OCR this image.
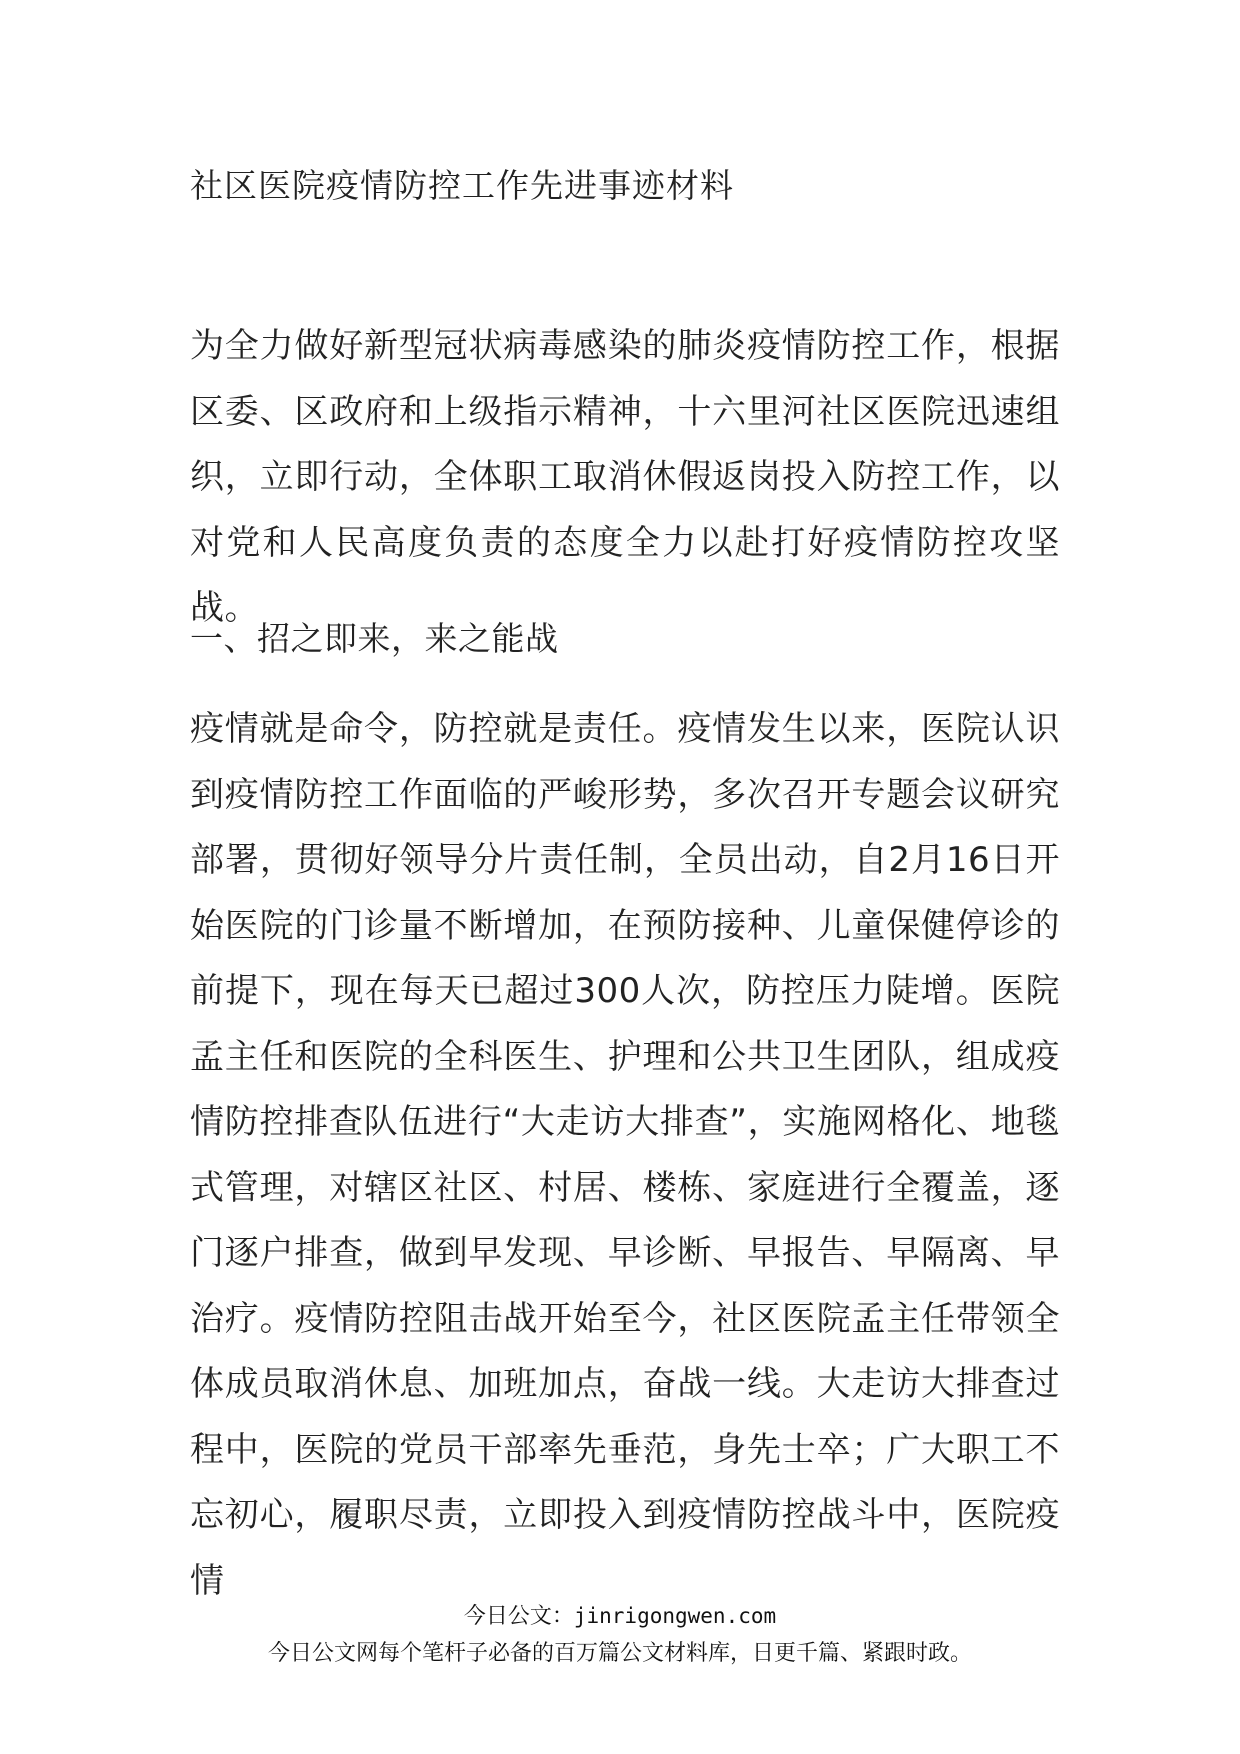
社区医院疫情防控工作先进事迹材料

为全力做好新型冠状病毒感染的肺炎疫情防控工作，根据区委、区政府和上级指示精神，十六里河社区医院迅速组织，立即行动，全体职工取消休假返岗投入防控工作，以对党和人民高度负责的态度全力以赴打好疫情防控攻坚战。

一、招之即来，来之能战

疫情就是命令，防控就是责任。疫情发生以来，医院认识到疫情防控工作面临的严峻形势，多次召开专题会议研究部署，贯彻好领导分片责任制，全员出动，自2月16日开始医院的门诊量不断增加，在预防接种、儿童保健停诊的前提下，现在每天已超过300人次，防控压力陡增。医院孟主任和医院的全科医生、护理和公共卫生团队，组成疫情防控排查队伍进行“大走访大排查”，实施网格化、地毯式管理，对辖区社区、村居、楼栋、家庭进行全覆盖，逐门逐户排查，做到早发现、早诊断、早报告、早隔离、早治疗。疫情防控阻击战开始至今，社区医院孟主任带领全体成员取消休息、加班加点，奋战一线。大走访大排查过程中，医院的党员干部率先垂范，身先士卒；广大职工不忘初心，履职尽责，立即投入到疫情防控战斗中，医院疫情

今日公文：jinrigongwen.com

今日公文网每个笔杆子必备的百万篇公文材料库，日更千篇、紧跟时政。
